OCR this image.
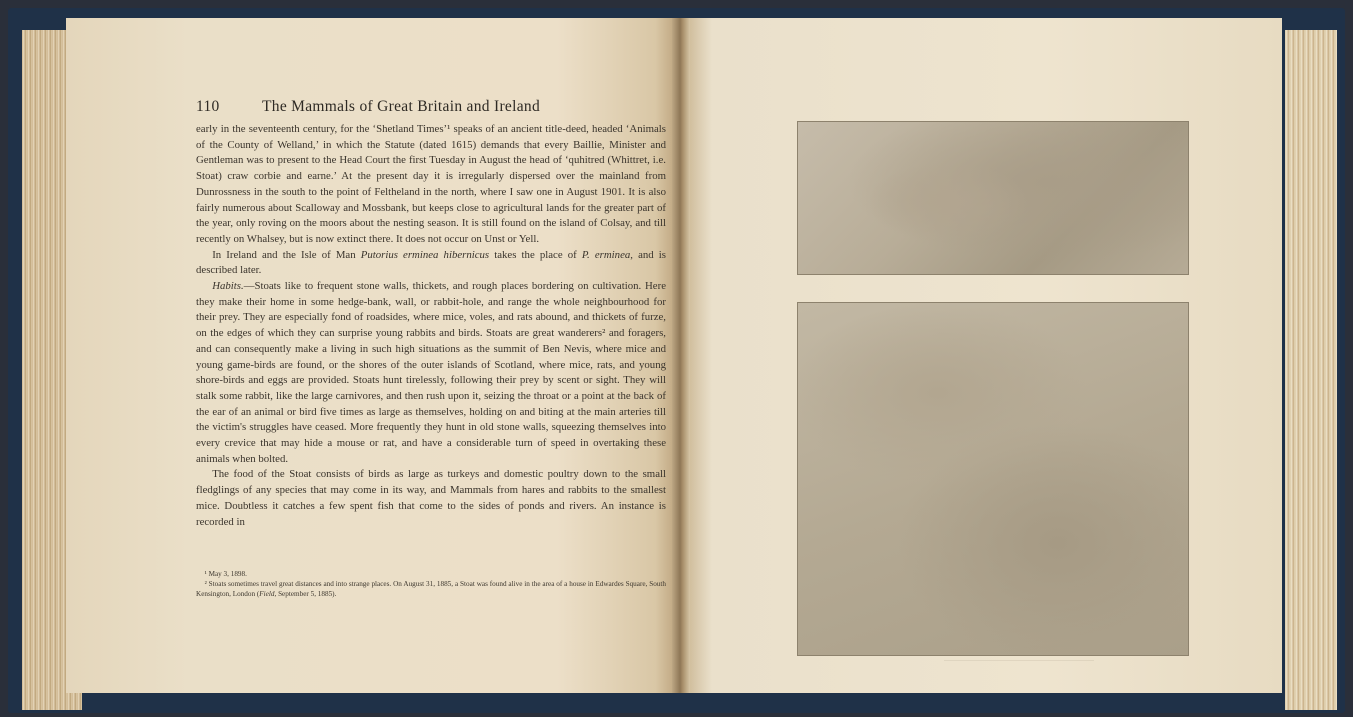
110	The Mammals of Great Britain and Ireland

early in the seventeenth century, for the ‘Shetland Times’¹ speaks of an ancient title-deed, headed ‘Animals of the County of Welland,’ in which the Statute (dated 1615) demands that every Baillie, Minister and Gentleman was to present to the Head Court the first Tuesday in August the head of ‘quhitred (Whittret, i.e. Stoat) craw corbie and earne.’ At the present day it is irregularly dispersed over the mainland from Dunrossness in the south to the point of Feltheland in the north, where I saw one in August 1901. It is also fairly numerous about Scalloway and Mossbank, but keeps close to agricultural lands for the greater part of the year, only roving on the moors about the nesting season. It is still found on the island of Colsay, and till recently on Whalsey, but is now extinct there. It does not occur on Unst or Yell.

In Ireland and the Isle of Man Putorius erminea hibernicus takes the place of P. erminea, and is described later.

Habits.—Stoats like to frequent stone walls, thickets, and rough places bordering on cultivation. Here they make their home in some hedge-bank, wall, or rabbit-hole, and range the whole neighbourhood for their prey. They are especially fond of roadsides, where mice, voles, and rats abound, and thickets of furze, on the edges of which they can surprise young rabbits and birds. Stoats are great wanderers² and foragers, and can consequently make a living in such high situations as the summit of Ben Nevis, where mice and young game-birds are found, or the shores of the outer islands of Scotland, where mice, rats, and young shore-birds and eggs are provided. Stoats hunt tirelessly, following their prey by scent or sight. They will stalk some rabbit, like the large carnivores, and then rush upon it, seizing the throat or a point at the back of the ear of an animal or bird five times as large as themselves, holding on and biting at the main arteries till the victim's struggles have ceased. More frequently they hunt in old stone walls, squeezing themselves into every crevice that may hide a mouse or rat, and have a considerable turn of speed in overtaking these animals when bolted.

The food of the Stoat consists of birds as large as turkeys and domestic poultry down to the small fledglings of any species that may come in its way, and Mammals from hares and rabbits to the smallest mice. Doubtless it catches a few spent fish that come to the sides of ponds and rivers. An instance is recorded in

¹ May 3, 1898.

² Stoats sometimes travel great distances and into strange places. On August 31, 1885, a Stoat was found alive in the area of a house in Edwardes Square, South Kensington, London (Field, September 5, 1885).
